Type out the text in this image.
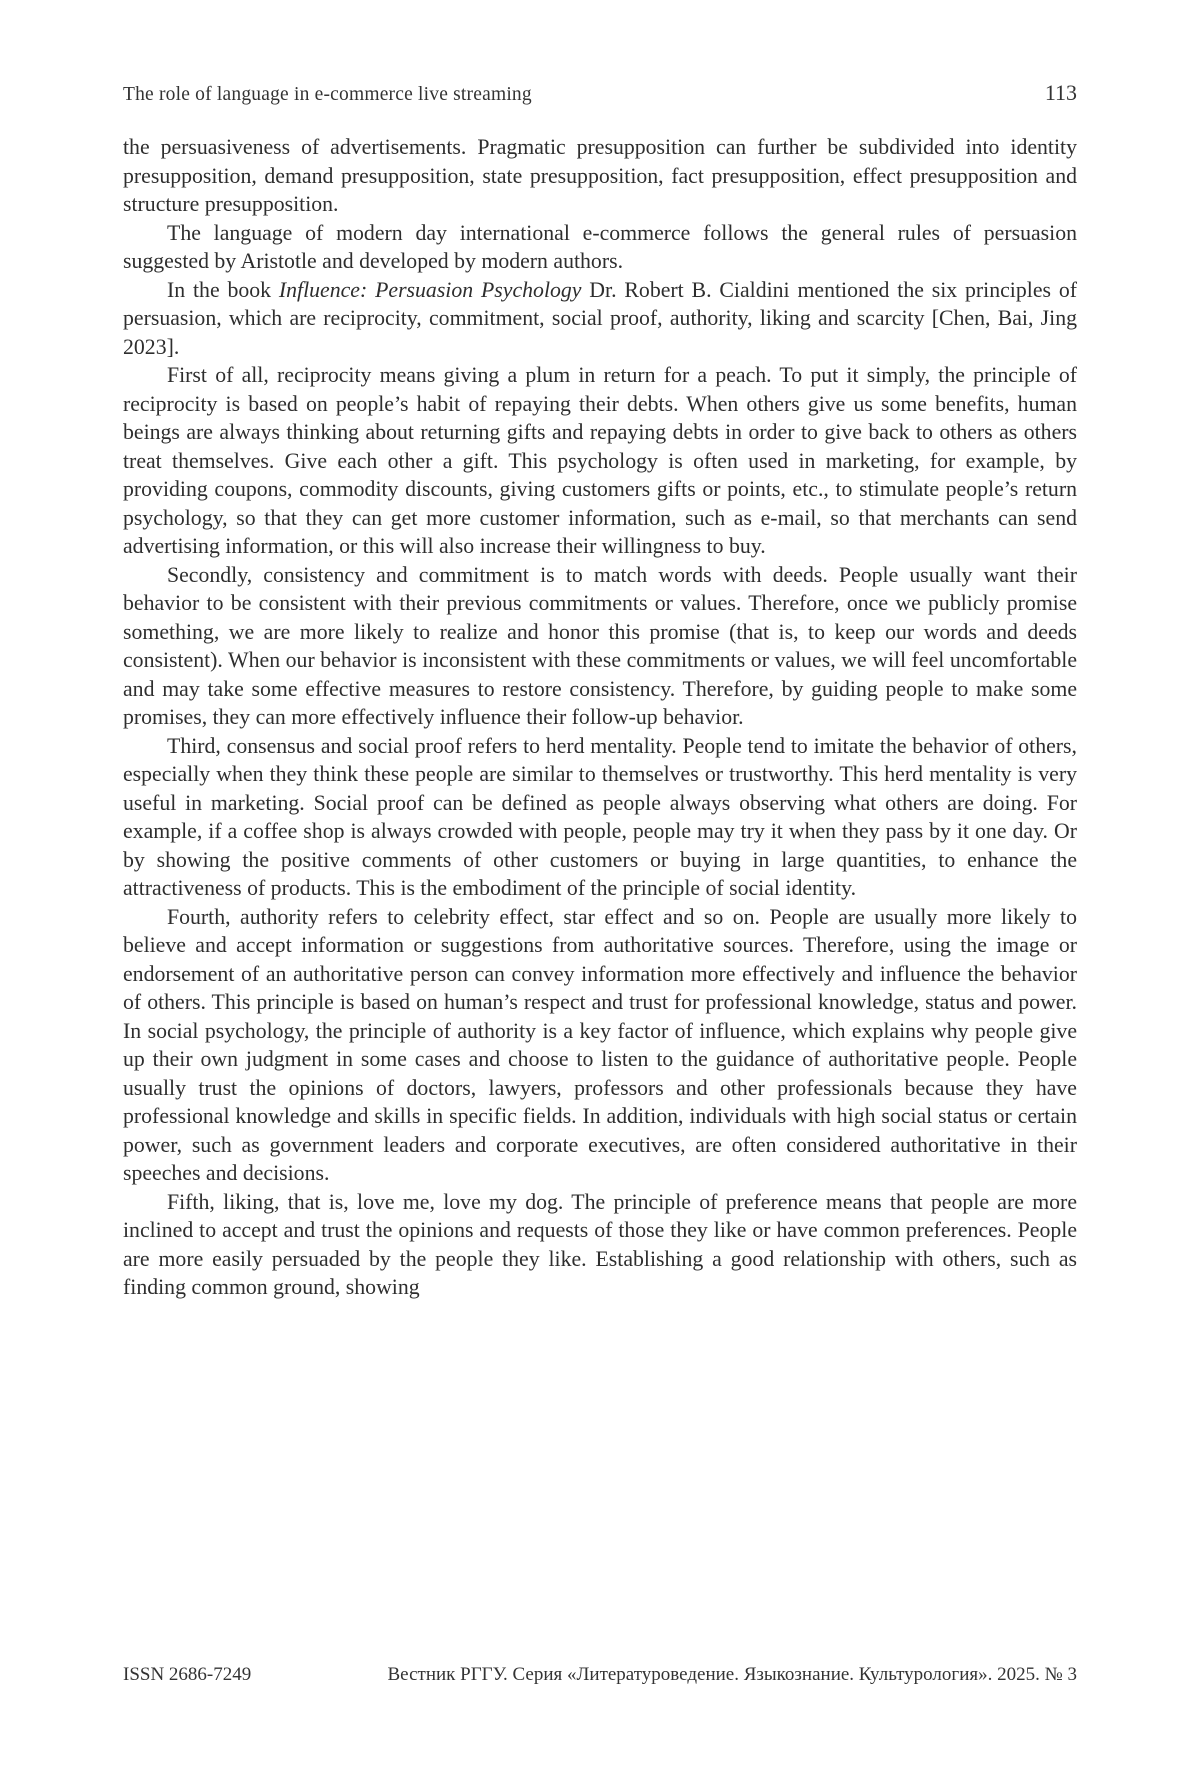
The role of language in e-commerce live streaming	113

the persuasiveness of advertisements. Pragmatic presupposition can further be subdivided into identity presupposition, demand presupposition, state presupposition, fact presupposition, effect presupposition and structure presupposition.

The language of modern day international e-commerce follows the general rules of persuasion suggested by Aristotle and developed by modern authors.

In the book Influence: Persuasion Psychology Dr. Robert B. Cialdini mentioned the six principles of persuasion, which are reciprocity, commitment, social proof, authority, liking and scarcity [Chen, Bai, Jing 2023].

First of all, reciprocity means giving a plum in return for a peach. To put it simply, the principle of reciprocity is based on people’s habit of repaying their debts. When others give us some benefits, human beings are always thinking about returning gifts and repaying debts in order to give back to others as others treat themselves. Give each other a gift. This psychology is often used in marketing, for example, by providing coupons, commodity discounts, giving customers gifts or points, etc., to stimulate people’s return psychology, so that they can get more customer information, such as e-mail, so that merchants can send advertising information, or this will also increase their willingness to buy.

Secondly, consistency and commitment is to match words with deeds. People usually want their behavior to be consistent with their previous commitments or values. Therefore, once we publicly promise something, we are more likely to realize and honor this promise (that is, to keep our words and deeds consistent). When our behavior is inconsistent with these commitments or values, we will feel uncomfortable and may take some effective measures to restore consistency. Therefore, by guiding people to make some promises, they can more effectively influence their follow-up behavior.

Third, consensus and social proof refers to herd mentality. People tend to imitate the behavior of others, especially when they think these people are similar to themselves or trustworthy. This herd mentality is very useful in marketing. Social proof can be defined as people always observing what others are doing. For example, if a coffee shop is always crowded with people, people may try it when they pass by it one day. Or by showing the positive comments of other customers or buying in large quantities, to enhance the attractiveness of products. This is the embodiment of the principle of social identity.

Fourth, authority refers to celebrity effect, star effect and so on. People are usually more likely to believe and accept information or suggestions from authoritative sources. Therefore, using the image or endorsement of an authoritative person can convey information more effectively and influence the behavior of others. This principle is based on human’s respect and trust for professional knowledge, status and power. In social psychology, the principle of authority is a key factor of influence, which explains why people give up their own judgment in some cases and choose to listen to the guidance of authoritative people. People usually trust the opinions of doctors, lawyers, professors and other professionals because they have professional knowledge and skills in specific fields. In addition, individuals with high social status or certain power, such as government leaders and corporate executives, are often considered authoritative in their speeches and decisions.

Fifth, liking, that is, love me, love my dog. The principle of preference means that people are more inclined to accept and trust the opinions and requests of those they like or have common preferences. People are more easily persuaded by the people they like. Establishing a good relationship with others, such as finding common ground, showing

ISSN 2686-7249	Вестник РГГУ. Серия «Литературоведение. Языкознание. Культурология». 2025. № 3
